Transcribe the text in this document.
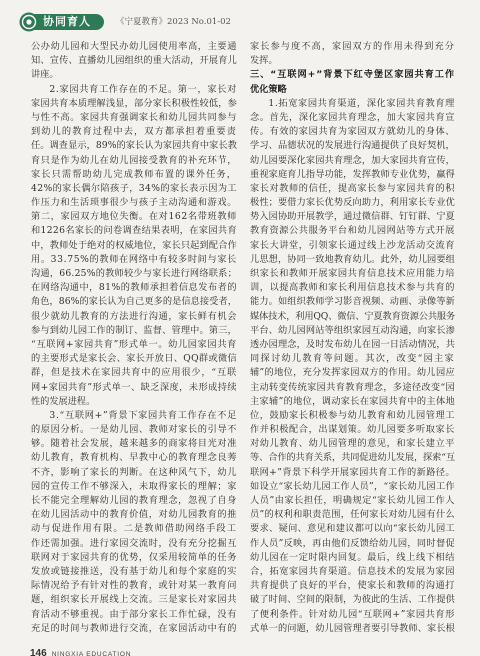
协同育人	《宁夏教育》2023 No.01-02
公办幼儿园和大型民办幼儿园使用率高，主要通
知、宣传、直播幼儿园组织的重大活动，开展育儿
讲座。
2.家园共育工作存在的不足。第一，家长对
家园共育本质理解浅显，部分家长积极性较低，参
与性不高。家园共育强调家长和幼儿园共同参与
到幼儿的教育过程中去，双方都承担着重要责
任。调查显示，89%的家长认为家园共育中家长教
育只是作为幼儿在幼儿园接受教育的补充环节，
家长只需帮助幼儿完成教师布置的课外任务，
42%的家长偶尔陪孩子，34%的家长表示因为工
作压力和生活琐事很少与孩子主动沟通和游戏。
第二，家园双方地位失衡。在对162名带班教师
和1226名家长的问卷调查结果表明，在家园共育
中，教师处于绝对的权威地位，家长只起到配合作
用。33.75%的教师在网络中有较多时间与家长
沟通，66.25%的教师较少与家长进行网络联系；
在网络沟通中，81%的教师承担着信息发布者的
角色，86%的家长认为自己更多的是信息接受者，
很少就幼儿教育的方法进行沟通，家长鲜有机会
参与到幼儿园工作的制订、监督、管理中。第三，
“互联网+家园共育”形式单一。幼儿园家园共育
的主要形式是家长会、家长开放日、QQ群或微信
群，但是技术在家园共育中的应用很少，“互联
网+家园共育”形式单一、缺乏深度，未形成持续
性的发展进程。
3.“互联网+”背景下家园共育工作存在不足
的原因分析。一是幼儿园、教师对家长的引导不
够。随着社会发展，越来越多的商家将目光对准
幼儿教育，教育机构、早教中心的教育理念良莠
不齐，影响了家长的判断。在这种风气下，幼儿
园的宣传工作不够深入，未取得家长的理解；家
长不能完全理解幼儿园的教育理念，忽视了自身
在幼儿园活动中的教育价值，对幼儿园教育的推
动与促进作用有限。二是教师借助网络手段工
作还需加强。进行家园交流时，没有充分挖掘互
联网对于家园共育的优势，仅采用较简单的任务
发放或链接推送，没有基于幼儿和每个家庭的实
际情况给予有针对性的教育，或针对某一教育问
题，组织家长开展线上交流。三是家长对家园共
育活动不够重视。由于部分家长工作忙碌，没有
充足的时间与教师进行交流，在家园活动中有的
家长参与度不高，家园双方的作用未得到充分
发挥。
三、“互联网+”背景下红寺堡区家园共育工作
优化策略
1.拓宽家园共育渠道，深化家园共育教育理
念。首先，深化家园共育理念，加大家园共育宣
传。有效的家园共育为家园双方就幼儿的身体、
学习、品德状况的发展进行沟通提供了良好契机，
幼儿园要深化家园共育理念，加大家园共育宣传，
重视家庭育儿指导功能，发挥教师专业优势，赢得
家长对教师的信任，提高家长参与家园共育的积
极性；要借力家长优势反向助力，利用家长专业优
势入园协助开展教学，通过微信群、钉钉群、宁夏
教育资源公共服务平台和幼儿园网站等方式开展
家长大讲堂，引领家长通过线上沙龙活动交流育
儿思想，协同一致地教育幼儿。此外，幼儿园要组
织家长和教师开展家园共育信息技术应用能力培
训，以提高教师和家长利用信息技术参与共育的
能力。如组织教师学习影音视频、动画、录像等新
媒体技术，利用QQ、微信、宁夏教育资源公共服务
平台、幼儿园网站等组织家园互动沟通，向家长渗
透办园理念，及时发布幼儿在园一日活动情况，共
同探讨幼儿教育等问题。其次，改变“园主家
辅”的地位，充分发挥家园双方的作用。幼儿园应
主动转变传统家园共育教育理念，多途径改变“园
主家辅”的地位，调动家长在家园共育中的主体地
位，鼓励家长积极参与幼儿教育和幼儿园管理工
作并积极配合，出谋划策。幼儿园要多听取家长
对幼儿教育、幼儿园管理的意见，和家长建立平
等、合作的共育关系，共同促进幼儿发展，探索“互
联网+”背景下科学开展家园共育工作的新路径。
如设立“家长幼儿园工作人员”，“家长幼儿园工作
人员”由家长担任，明确规定“家长幼儿园工作人
员”的权利和职责范围，任何家长对幼儿园有什么
要求、疑问、意见和建议都可以向“家长幼儿园工
作人员”反映，再由他们反馈给幼儿园，同时督促
幼儿园在一定时限内回复。最后，线上线下相结
合，拓宽家园共育渠道。信息技术的发展为家园
共育提供了良好的平台，使家长和教师的沟通打
破了时间、空间的限制，为彼此的生活、工作提供
了便利条件。针对幼儿园“互联网+”家园共育形
式单一的问题，幼儿园管理者要引导教师、家长根
146 NINGXIA EDUCATION
